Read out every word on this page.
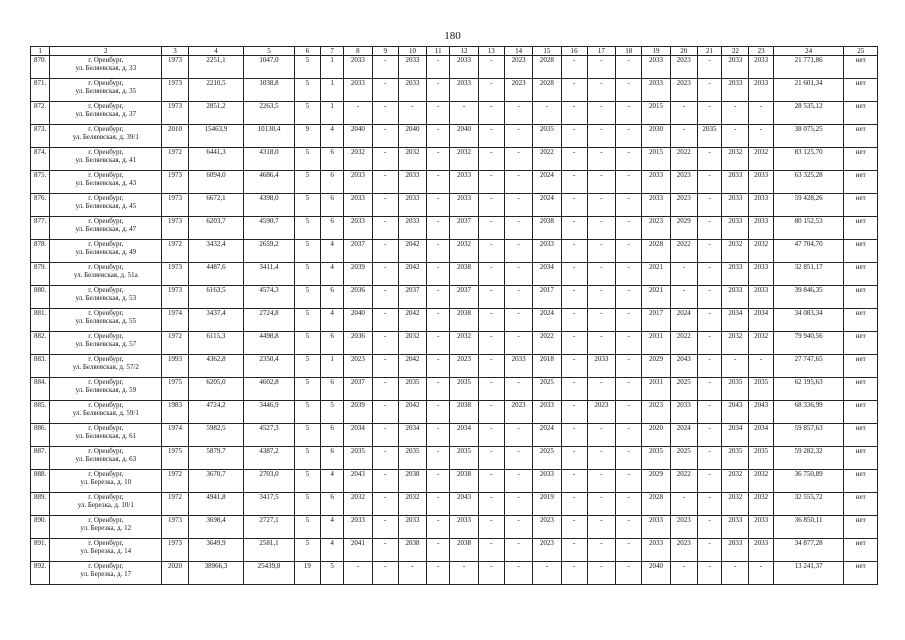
180
1	2	3	4	5	6	7	8	9	10	11	12	13	14	15	16	17	18	19	20	21	22	23	24	25
870.	г. Оренбург,
ул. Беляевская, д. 33	1973	2251,1	1047,0	5	1	2033	-	2033	-	2033	-	2023	2028	-	-	-	2033	2023	-	2033	2033	21 771,86	нет
871.	г. Оренбург,
ул. Беляевская, д. 35	1973	2210,5	1038,8	5	1	2033	-	2033	-	2033	-	2023	2028	-	-	-	2033	2023	-	2033	2033	21 601,34	нет
872.	г. Оренбург,
ул. Беляевская, д. 37	1973	2851,2	2263,5	5	1	-	-	-	-	-	-	-	-	-	-	-	2015	-	-	-	-	28 535,12	нет
873.	г. Оренбург,
ул. Беляевская, д. 39/1	2010	15463,9	10130,4	9	4	2040	-	2040	-	2040	-	-	2035	-	-	-	2030	-	2035	-	-	38 075,25	нет
874.	г. Оренбург,
ул. Беляевская, д. 41	1972	6441,3	4318,0	5	6	2032	-	2032	-	2032	-	-	2022	-	-	-	2015	2022	-	2032	2032	83 125,70	нет
875.	г. Оренбург,
ул. Беляевская, д. 43	1973	6094,0	4686,4	5	6	2033	-	2033	-	2033	-	-	2024	-	-	-	2033	2023	-	2033	2033	63 325,28	нет
876.	г. Оренбург,
ул. Беляевская, д. 45	1973	6672,1	4398,0	5	6	2033	-	2033	-	2033	-	-	2024	-	-	-	2033	2023	-	2033	2033	59 428,26	нет
877.	г. Оренбург,
ул. Беляевская, д. 47	1973	6203,7	4590,7	5	6	2033	-	2033	-	2037	-	-	2038	-	-	-	2023	2029	-	2033	2033	80 152,53	нет
878.	г. Оренбург,
ул. Беляевская, д. 49	1972	3432,4	2659,2	5	4	2037	-	2042	-	2032	-	-	2033	-	-	-	2028	2022	-	2032	2032	47 704,70	нет
879.	г. Оренбург,
ул. Беляевская, д. 51а	1973	4487,6	3411,4	5	4	2039	-	2042	-	2038	-	-	2034	-	-	-	2021	-	-	2033	2033	32 851,17	нет
880.	г. Оренбург,
ул. Беляевская, д. 53	1973	6163,5	4574,3	5	6	2036	-	2037	-	2037	-	-	2017	-	-	-	2021	-	-	2033	2033	39 846,35	нет
881.	г. Оренбург,
ул. Беляевская, д. 55	1974	3437,4	2724,8	5	4	2040	-	2042	-	2038	-	-	2024	-	-	-	2017	2024	-	2034	2034	34 083,34	нет
882.	г. Оренбург,
ул. Беляевская, д. 57	1972	6115,3	4498,8	5	6	2036	-	2032	-	2032	-	-	2022	-	-	-	2031	2022	-	2032	2032	79 940,56	нет
883.	г. Оренбург,
ул. Беляевская, д. 57/2	1993	4362,8	2350,4	5	1	2023	-	2042	-	2023	-	2033	2018	-	2033	-	2029	2043	-	-	-	27 747,65	нет
884.	г. Оренбург,
ул. Беляевская, д. 59	1975	6205,0	4602,8	5	6	2037	-	2035	-	2035	-	-	2025	-	-	-	2031	2025	-	2035	2035	62 195,63	нет
885.	г. Оренбург,
ул. Беляевская, д. 59/1	1983	4724,2	3446,9	5	5	2039	-	2042	-	2038	-	2023	2033	-	2023	-	2023	2033	-	2043	2043	68 336,99	нет
886.	г. Оренбург,
ул. Беляевская, д. 61	1974	5982,5	4527,3	5	6	2034	-	2034	-	2034	-	-	2024	-	-	-	2020	2024	-	2034	2034	59 857,63	нет
887.	г. Оренбург,
ул. Беляевская, д. 63	1975	5879,7	4387,2	5	6	2035	-	2035	-	2035	-	-	2025	-	-	-	2035	2025	-	2035	2035	59 282,32	нет
888.	г. Оренбург,
ул. Березка, д. 10	1972	3670,7	2703,0	5	4	2043	-	2038	-	2038	-	-	2033	-	-	-	2029	2022	-	2032	2032	36 750,89	нет
889.	г. Оренбург,
ул. Березка, д. 10/1	1972	4941,8	3417,5	5	6	2032	-	2032	-	2043	-	-	2019	-	-	-	2028	-	-	2032	2032	32 555,72	нет
890.	г. Оренбург,
ул. Березка, д. 12	1973	3698,4	2727,1	5	4	2033	-	2033	-	2033	-	-	2023	-	-	-	2033	2023	-	2033	2033	36 850,11	нет
891.	г. Оренбург,
ул. Березка, д. 14	1973	3649,9	2581,1	5	4	2041	-	2038	-	2038	-	-	2023	-	-	-	2033	2023	-	2033	2033	34 877,28	нет
892.	г. Оренбург,
ул. Березка, д. 17	2020	38966,3	25439,8	19	5	-	-	-	-	-	-	-	-	-	-	-	2040	-	-	-	-	13 241,37	нет
